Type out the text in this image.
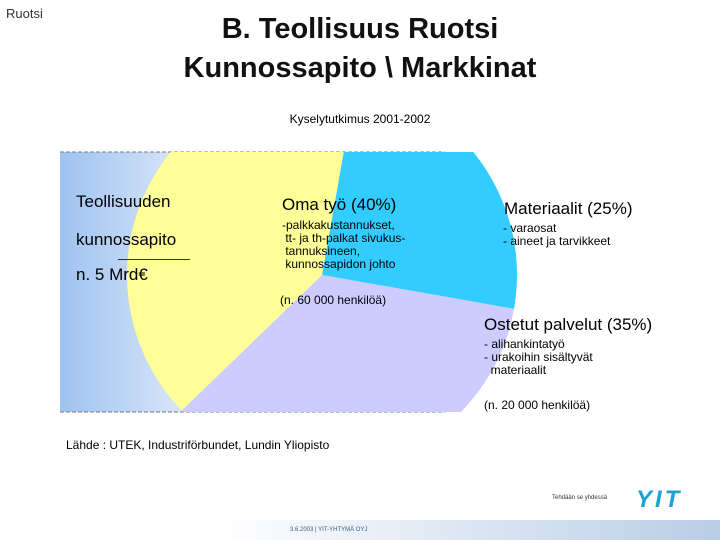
Ruotsi	B. Teollisuus Ruotsi
Kunnossapito \ Markkinat
Kyselytutkimus 2001-2002
Teollisuuden
kunnossapito
n. 5 Mrd€
Oma työ (40%)
-palkkakustannukset,
tt- ja th-palkat sivukus-
tannuksineen,
kunnossapidon johto
(n. 60 000 henkilöä)
Materiaalit (25%)
- varaosat
- aineet ja tarvikkeet
Ostetut palvelut (35%)
- alihankintatyö
- urakoihin sisältyvät
materiaalit
(n. 20 000 henkilöä)
Lähde : UTEK, Industriförbundet, Lundin Yliopisto
3.6.2003 | YIT-YHTYMÄ OYJ
Tehdään se yhdessä YIT
